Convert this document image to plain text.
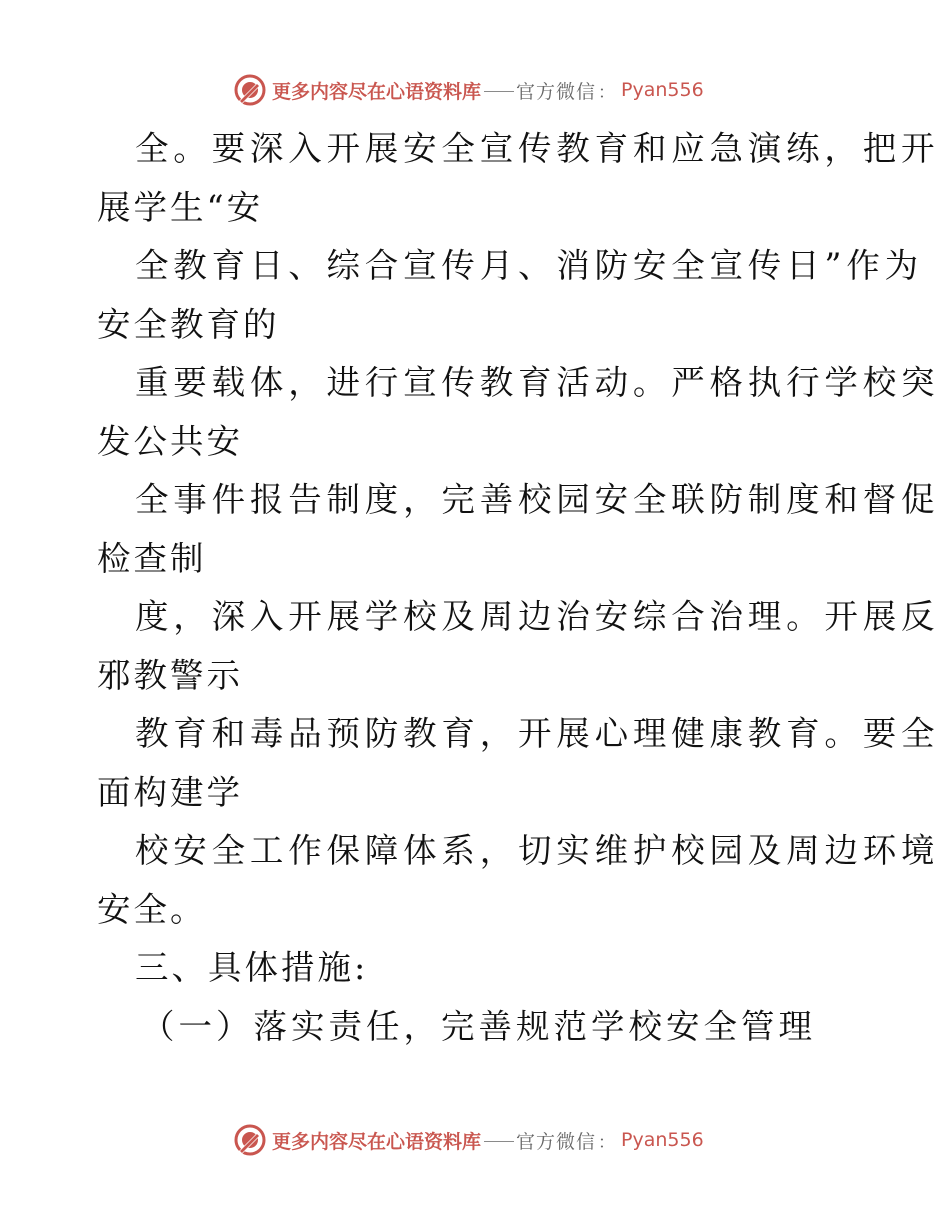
更多内容尽在心语资料库 官方微信 ： Pyan556
全。要深入开展安全宣传教育和应急演练，把开
展学生“安
全教育日、综合宣传月、消防安全宣传日”作为
安全教育的
重要载体，进行宣传教育活动。严格执行学校突
发公共安
全事件报告制度，完善校园安全联防制度和督促
检查制
度，深入开展学校及周边治安综合治理。开展反
邪教警示
教育和毒品预防教育，开展心理健康教育。要全
面构建学
校安全工作保障体系，切实维护校园及周边环境
安全。
三、具体措施:
（一）落实责任，完善规范学校安全管理
更多内容尽在心语资料库 官方微信 ： Pyan556
